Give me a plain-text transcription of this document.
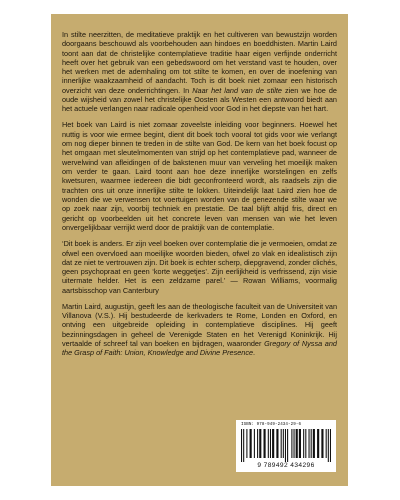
In stilte neerzitten, de meditatieve praktijk en het cultiveren van bewustzijn worden doorgaans beschouwd als voorbehouden aan hindoes en boeddhisten. Martin Laird toont aan dat de christelijke contemplatieve traditie haar eigen verfijnde onderricht heeft over het gebruik van een gebedswoord om het verstand vast te houden, over het werken met de ademhaling om tot stilte te komen, en over de inoefening van innerlijke waakzaamheid of aandacht. Toch is dit boek niet zomaar een historisch overzicht van deze onderrichtingen. In Naar het land van de stilte zien we hoe de oude wijsheid van zowel het christelijke Oosten als Westen een antwoord biedt aan het actuele verlangen naar radicale openheid voor God in het diepste van het hart.

Het boek van Laird is niet zomaar zoveelste inleiding voor beginners. Hoewel het nuttig is voor wie ermee begint, dient dit boek toch vooral tot gids voor wie verlangt om nog dieper binnen te treden in de stilte van God. De kern van het boek focust op het omgaan met sleutelmomenten van strijd op het contemplatieve pad, wanneer de wervelwind van afleidingen of de bakstenen muur van verveling het moeilijk maken om verder te gaan. Laird toont aan hoe deze innerlijke worstelingen en zelfs kwetsuren, waarmee iedereen die bidt geconfronteerd wordt, als raadsels zijn die trachten ons uit onze innerlijke stilte te lokken. Uiteindelijk laat Laird zien hoe de wonden die we verwensen tot voertuigen worden van de genezende stilte waar we op zoek naar zijn, voorbij techniek en prestatie. De taal blijft altijd fris, direct en gericht op voorbeelden uit het concrete leven van mensen van wie het leven onvergelijkbaar verrijkt werd door de praktijk van de contemplatie.

‘Dit boek is anders. Er zijn veel boeken over contemplatie die je vermoeien, omdat ze ofwel een overvloed aan moeilijke woorden bieden, ofwel zo vlak en idealistisch zijn dat ze niet te vertrouwen zijn. Dit boek is echter scherp, diepgravend, zonder clichés, geen psychopraat en geen ‘korte weggetjes’. Zijn eerlijkheid is verfrissend, zijn visie uitermate helder. Het is een zeldzame parel.’ — Rowan Williams, voormalig aartsbisschop van Canterbury

Martin Laird, augustijn, geeft les aan de theologische faculteit van de Universiteit van Villanova (V.S.). Hij bestudeerde de kerkvaders te Rome, Londen en Oxford, en ontving een uitgebreide opleiding in contemplatieve disciplines. Hij geeft bezinningsdagen in geheel de Verenigde Staten en het Verenigd Koninkrijk. Hij vertaalde of schreef tal van boeken en bijdragen, waaronder Gregory of Nyssa and the Grasp of Faith: Union, Knowledge and Divine Presence.

ISBN: 978-949-2434-29-6
9 789492 434296
